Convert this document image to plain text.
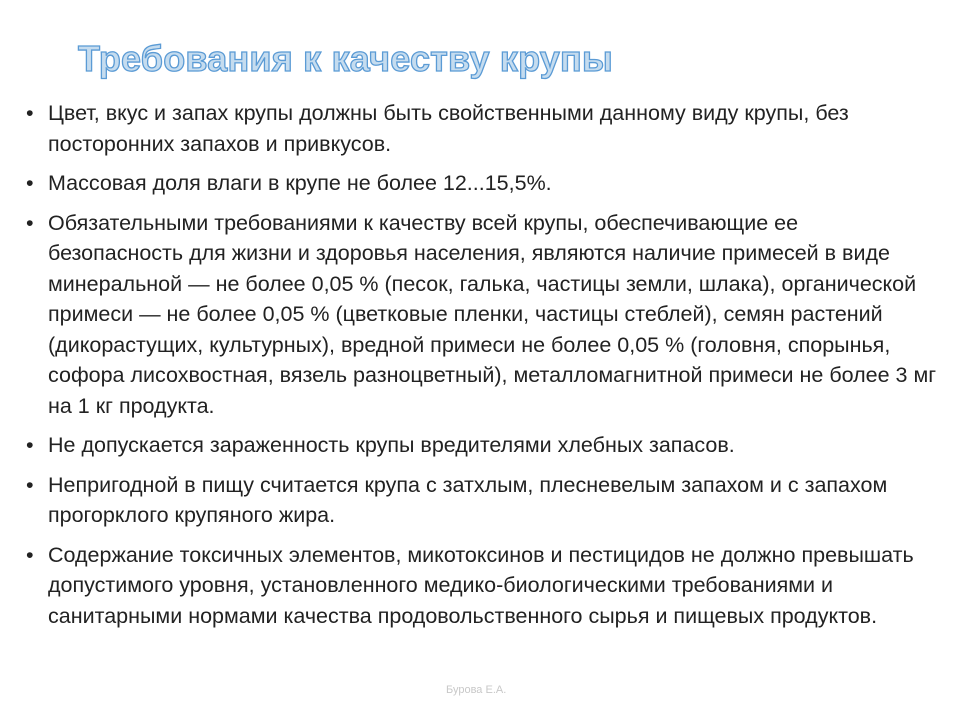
Требования к качеству крупы
• Цвет, вкус и запах крупы должны быть свойственными данному виду крупы, без посторонних запахов и привкусов.
• Массовая доля влаги в крупе не более 12...15,5%.
• Обязательными требованиями к качеству всей крупы, обеспечивающие ее безопасность для жизни и здоровья населения, являются наличие примесей в виде минеральной — не более 0,05 % (песок, галька, частицы земли, шлака), органической примеси — не более 0,05 % (цветковые пленки, частицы стеблей), семян растений (дикорастущих, культурных), вредной примеси не более 0,05 % (головня, спорынья, софора лисохвостная, вязель разноцветный), металломагнитной примеси не более 3 мг на 1 кг продукта.
• Не допускается зараженность крупы вредителями хлебных запасов.
• Непригодной в пищу считается крупа с затхлым, плесневелым запахом и с запахом прогорклого крупяного жира.
• Содержание токсичных элементов, микотоксинов и пестицидов не должно превышать допустимого уровня, установленного медико-биологическими требованиями и санитарными нормами качества продовольственного сырья и пищевых продуктов.
Бурова Е.А.
